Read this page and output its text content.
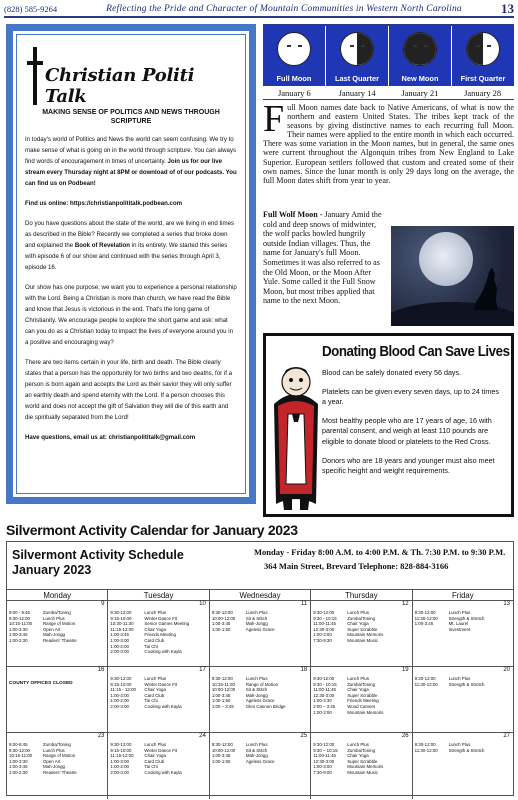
(828) 585-9264	Reflecting the Pride and Character of Mountain Communities in Western North Carolina	13
Christian Politi Talk
MAKING SENSE OF POLITICS AND NEWS THROUGH SCRIPTURE

In today's world of Politics and News the world can seem confusing. We try to make sense of what is going on in the world through scripture. You can always find words of encouragement in times of uncertainty. Join us for our live stream every Thursday night at 8PM or download of of our podcasts. You can find us on Podbean!

Find us online: https://christianpolititalk.podbean.com

Do you have questions about the state of the world, are we living in end times as described in the Bible? Recently we completed a series that broke down and explained the Book of Revelation in its entirety. We started this series with episode 6 of our show and continued with the series through April 3, episode 16.

Our show has one purpose; we want you to experience a personal relationship with the Lord. Being a Christian is more than church, we have read the Bible and know that Jesus is victorious in the end. That's the long game of Christianity. We encourage people to explore the short game and ask: what can you do as a Christian today to impact the lives of everyone around you in a positive and encouraging way?

There are two items certain in your life, birth and death. The Bible clearly states that a person has the opportunity for two births and two deaths, for if a person is born again and accepts the Lord as their savior they will only suffer an earthly death and spend eternity with the Lord. If a person chooses this world and does not accept the gift of Salvation they will die of this earth and die spiritually separated from the Lord!

Have questions, email us at: christianpolititalk@gmail.com

Full Moon	Last Quarter	New Moon	First Quarter
January 6	January 14	January 21	January 28
Full Moon names date back to Native Americans, of what is now the northern and eastern United States. The tribes kept track of the seasons by giving distinctive names to each recurring full Moon. Their names were applied to the entire month in which each occurred. There was some variation in the Moon names, but in general, the same ones were current throughout the Algonquin tribes from New England to Lake Superior. European settlers followed that custom and created some of their own names. Since the lunar month is only 29 days long on the average, the full Moon dates shift from year to year.
Full Wolf Moon - January Amid the cold and deep snows of midwinter, the wolf packs howled hungrily outside Indian villages. Thus, the name for January's full Moon. Sometimes it was also referred to as the Old Moon, or the Moon After Yule. Some called it the Full Snow Moon, but most tribes applied that name to the next Moon.
Donating Blood Can Save Lives

Blood can be safely donated every 56 days.

Platelets can be given every seven days, up to 24 times a year.

Most healthy people who are 17 years of age, 16 with parental consent, and weigh at least 110 pounds are eligible to donate blood or platelets to the Red Cross.

Donors who are 18 years and younger must also meet specific height and weight requirements.

Silvermont Activity Calendar for January 2023
Silvermont Activity Schedule
January 2023
Monday - Friday 8:00 A.M. to 4:00 P.M. & Th. 7:30 P.M. to 9:30 P.M.
364 Main Street, Brevard Telephone: 828-884-3166
Monday	Tuesday	Wednesday	Thursday	Friday
9
9:00 - 9:45	Zumba/Toning
9:30-12:00	Lunch Plus
10:15-11:00	Range of Motion
1:00-3:30	Open Art
1:00-3:45	Mah-Jongg
1:00-2:30	Readers' Theatre
10
9:30-12:00	Lunch Plus
9:15-10:00	Winter Dance Fit
10:30-11:30	Senior Games Meeting
11:15-12:00	Chair Yoga
1:00-3:45	Friends Meeting
1:00-3:00	Card Club
1:00-2:00	Tai Chi
2:00-3:00	Cooking with Kayla
11
9:30-12:00	Lunch Plus
10:00-12:00	Sit & Stitch
1:00-3:45	Mah-Jongg
1:00-1:50	Ageless Grace
12
9:30-12:00	Lunch Plus
9:30 - 10:15	Zumba/Toning
11:00-11:45	Chair Yoga
12:30-3:00	Super Scrabble
1:00-3:00	Mountain Memoirs
7:30-9:30	Mountain Music
13
9:30-12:00	Lunch Plus
11:30-12:00	Strength & Stretch
1:00-3:45	Mt. Laurel
Investment
16
COUNTY OFFICES CLOSED
17
9:30-12:00	Lunch Plus
9:15-10:00	Winter Dance Fit
11:15 - 12:00	Chair Yoga
1:00-3:00	Card Club
1:00-2:00	Tai Chi
2:00-3:00	Cooking with Kayla
18
9:30-12:00	Lunch Plus
10:15-11:00	Range of Motion
10:00-12:00	Sit & Stitch
1:00-3:45	Mah-Jongg
1:00-1:50	Ageless Grace
1:00 – 3:45	Glen Cannon Bridge
19
9:30-12:00	Lunch Plus
9:30 - 10:15	Zumba/Toning
11:00-11:45	Chair Yoga
12:30-3:00	Super Scrabble
1:00-3:30	Friends Meeting
2:00 – 3:45	Wood Carvers
1:00-3:00	Mountain Memoirs
20
9:30-12:00	Lunch Plus
11:30-12:00	Strength & Stretch
23
9:00-9:45	Zumba/Toning
9:30-12:00	Lunch Plus
10:15-11:00	Range of Motion
1:00-3:30	Open Art
1:00-3:45	Mah-Jongg
1:00-2:30	Readers' Theatre
24
9:30-12:00	Lunch Plus
9:15-10:00	Winter Dance Fit
11:15-12:00	Chair Yoga
1:00-3:00	Card Club
1:00-2:00	Tai Chi
2:00-3:00	Cooking with Kayla
25
9:30-12:00	Lunch Plus
10:00-12:00	Sit & Stitch
1:00-3:45	Mah-Jongg
1:00-1:50	Ageless Grace
26
9:30-12:00	Lunch Plus
9:30 – 10:15	Zumba/Toning
11:00-11:45	Chair Yoga
12:30-3:00	Super Scrabble
1:00-3:00	Mountain Memoirs
7:30-9:00	Mountain Music
27
9:30-12:00	Lunch Plus
11:30-12:00	Strength & Stretch
